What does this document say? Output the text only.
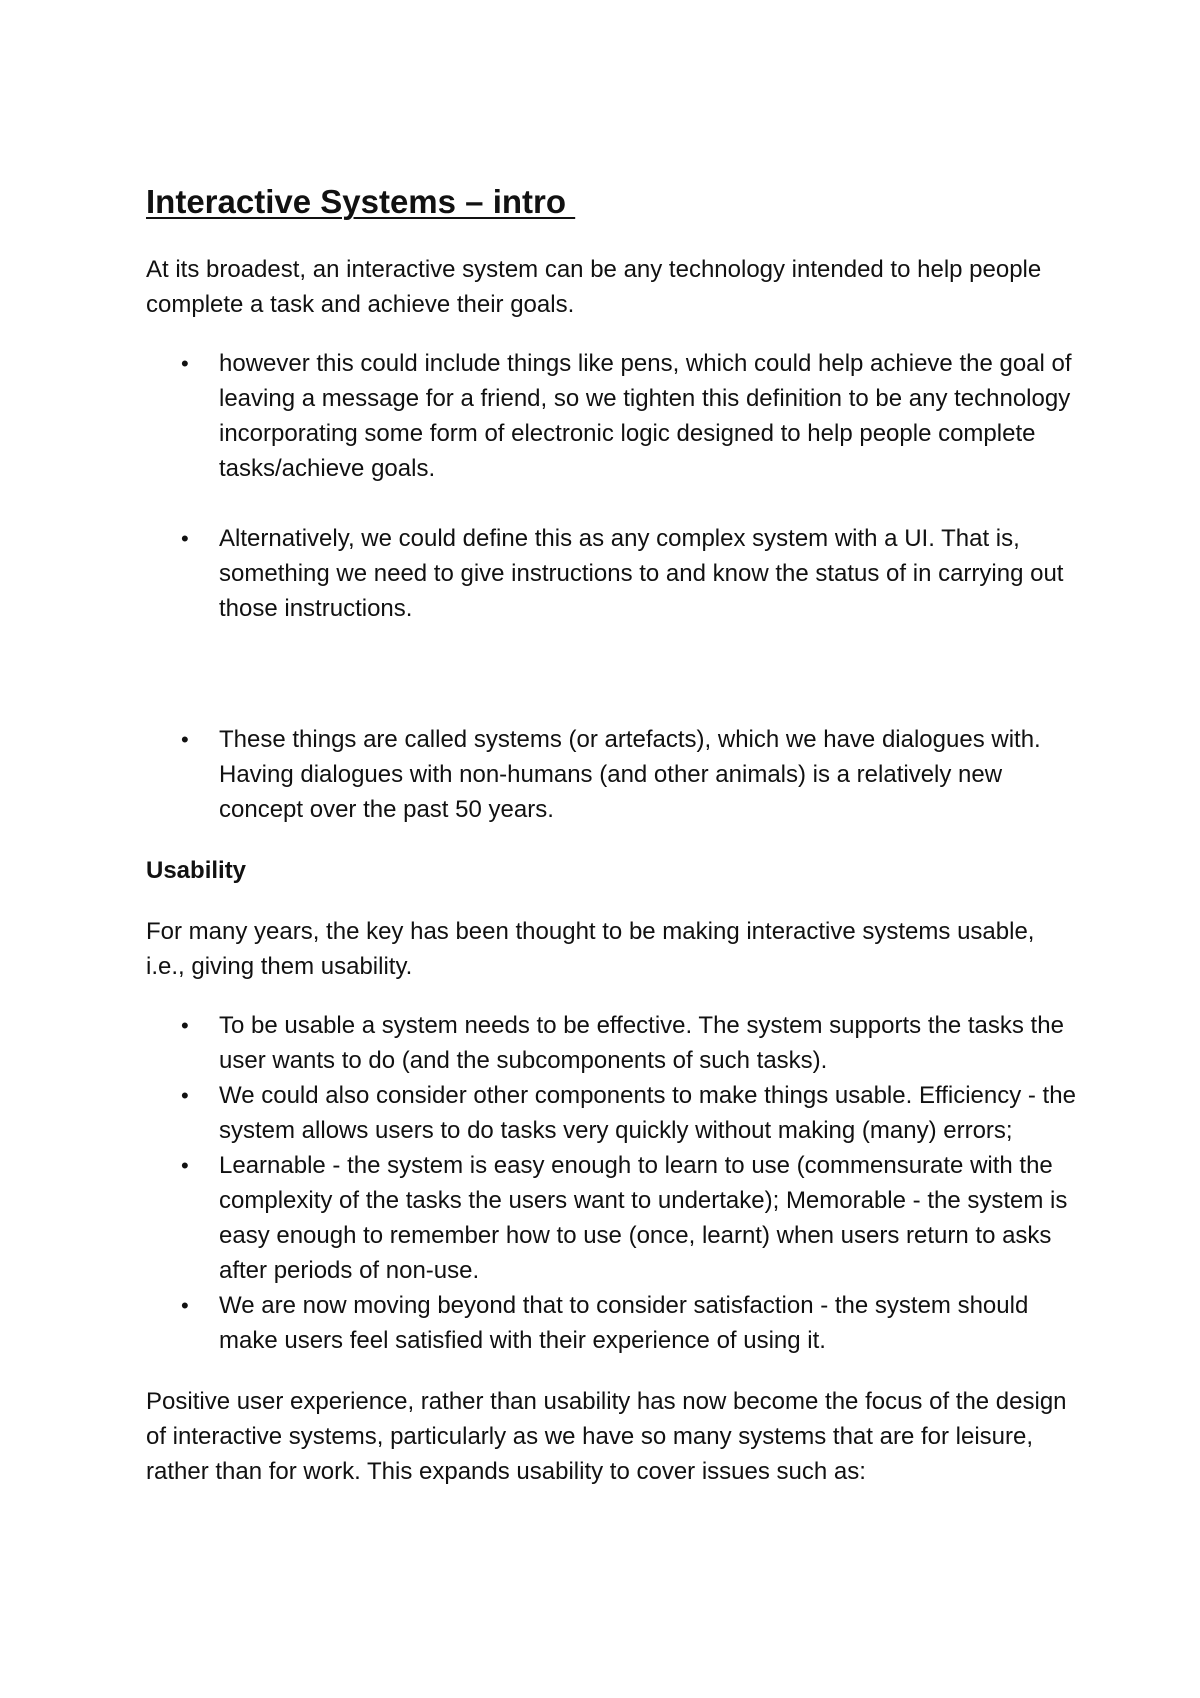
Interactive Systems – intro

At its broadest, an interactive system can be any technology intended to help people complete a task and achieve their goals.

• however this could include things like pens, which could help achieve the goal of leaving a message for a friend, so we tighten this definition to be any technology incorporating some form of electronic logic designed to help people complete tasks/achieve goals.
• Alternatively, we could define this as any complex system with a UI. That is, something we need to give instructions to and know the status of in carrying out those instructions.
• These things are called systems (or artefacts), which we have dialogues with. Having dialogues with non-humans (and other animals) is a relatively new concept over the past 50 years.
Usability

For many years, the key has been thought to be making interactive systems usable, i.e., giving them usability.

• To be usable a system needs to be effective. The system supports the tasks the user wants to do (and the subcomponents of such tasks).
• We could also consider other components to make things usable. Efficiency - the system allows users to do tasks very quickly without making (many) errors;
• Learnable - the system is easy enough to learn to use (commensurate with the complexity of the tasks the users want to undertake); Memorable - the system is easy enough to remember how to use (once, learnt) when users return to asks after periods of non-use.
• We are now moving beyond that to consider satisfaction - the system should make users feel satisfied with their experience of using it.

Positive user experience, rather than usability has now become the focus of the design of interactive systems, particularly as we have so many systems that are for leisure, rather than for work. This expands usability to cover issues such as:
